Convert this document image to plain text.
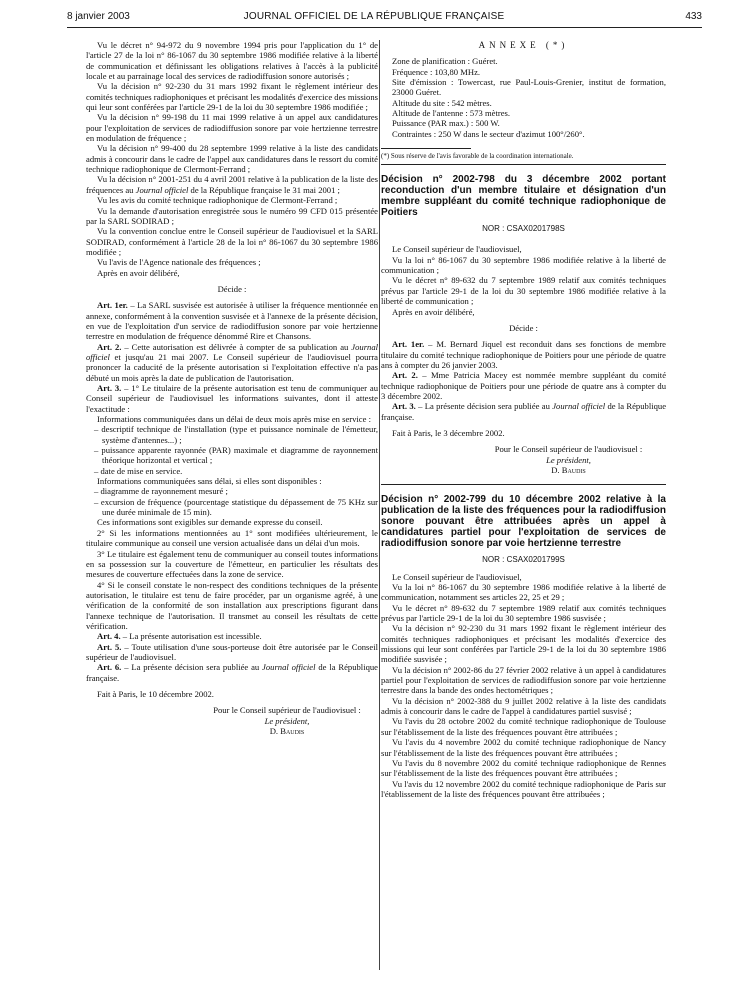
8 janvier 2003	JOURNAL OFFICIEL DE LA RÉPUBLIQUE FRANÇAISE	433

Vu le décret n° 94-972 du 9 novembre 1994 pris pour l'application du 1° de l'article 27 de la loi n° 86-1067 du 30 septembre 1986 modifiée relative à la liberté de communication et définissant les obligations relatives à l'accès à la publicité locale et au parrainage local des services de radiodiffusion sonore autorisés ;

Vu la décision n° 92-230 du 31 mars 1992 fixant le règlement intérieur des comités techniques radiophoniques et précisant les modalités d'exercice des missions qui leur sont conférées par l'article 29-1 de la loi du 30 septembre 1986 modifiée ;

Vu la décision n° 99-198 du 11 mai 1999 relative à un appel aux candidatures pour l'exploitation de services de radiodiffusion sonore par voie hertzienne terrestre en modulation de fréquence ;

Vu la décision n° 99-400 du 28 septembre 1999 relative à la liste des candidats admis à concourir dans le cadre de l'appel aux candidatures dans le ressort du comité technique radiophonique de Clermont-Ferrand ;

Vu la décision n° 2001-251 du 4 avril 2001 relative à la publication de la liste des fréquences au Journal officiel de la République française le 31 mai 2001 ;

Vu les avis du comité technique radiophonique de Clermont-Ferrand ;

Vu la demande d'autorisation enregistrée sous le numéro 99 CFD 015 présentée par la SARL SODIRAD ;

Vu la convention conclue entre le Conseil supérieur de l'audiovisuel et la SARL SODIRAD, conformément à l'article 28 de la loi n° 86-1067 du 30 septembre 1986 modifiée ;

Vu l'avis de l'Agence nationale des fréquences ;

Après en avoir délibéré,

Décide :

Art. 1er. – La SARL susvisée est autorisée à utiliser la fréquence mentionnée en annexe, conformément à la convention susvisée et à l'annexe de la présente décision, en vue de l'exploitation d'un service de radiodiffusion sonore par voie hertzienne terrestre en modulation de fréquence dénommé Rire et Chansons.

Art. 2. – Cette autorisation est délivrée à compter de sa publication au Journal officiel et jusqu'au 21 mai 2007. Le Conseil supérieur de l'audiovisuel pourra prononcer la caducité de la présente autorisation si l'exploitation effective n'a pas débuté un mois après la date de publication de l'autorisation.

Art. 3. – 1° Le titulaire de la présente autorisation est tenu de communiquer au Conseil supérieur de l'audiovisuel les informations suivantes, dont il atteste l'exactitude :

Informations communiquées dans un délai de deux mois après mise en service :

– descriptif technique de l'installation (type et puissance nominale de l'émetteur, système d'antennes...) ;
– puissance apparente rayonnée (PAR) maximale et diagramme de rayonnement théorique horizontal et vertical ;
– date de mise en service.

Informations communiquées sans délai, si elles sont disponibles :

– diagramme de rayonnement mesuré ;
– excursion de fréquence (pourcentage statistique du dépassement de 75 KHz sur une durée minimale de 15 min).

Ces informations sont exigibles sur demande expresse du conseil.

2° Si les informations mentionnées au 1° sont modifiées ultérieurement, le titulaire communique au conseil une version actualisée dans un délai d'un mois.

3° Le titulaire est également tenu de communiquer au conseil toutes informations en sa possession sur la couverture de l'émetteur, en particulier les résultats des mesures de couverture effectuées dans la zone de service.

4° Si le conseil constate le non-respect des conditions techniques de la présente autorisation, le titulaire est tenu de faire procéder, par un organisme agréé, à une vérification de la conformité de son installation aux prescriptions figurant dans l'annexe technique de l'autorisation. Il transmet au conseil les résultats de cette vérification.

Art. 4. – La présente autorisation est incessible.

Art. 5. – Toute utilisation d'une sous-porteuse doit être autorisée par le Conseil supérieur de l'audiovisuel.

Art. 6. – La présente décision sera publiée au Journal officiel de la République française.

Fait à Paris, le 10 décembre 2002.

Pour le Conseil supérieur de l'audiovisuel :

Le président,

D. Baudis

ANNEXE (*)

Zone de planification : Guéret.

Fréquence : 103,80 MHz.

Site d'émission : Towercast, rue Paul-Louis-Grenier, institut de formation, 23000 Guéret.

Altitude du site : 542 mètres.

Altitude de l'antenne : 573 mètres.

Puissance (PAR max.) : 500 W.

Contraintes : 250 W dans le secteur d'azimut 100°/260°.

(*) Sous réserve de l'avis favorable de la coordination internationale.

Décision n° 2002-798 du 3 décembre 2002 portant reconduction d'un membre titulaire et désignation d'un membre suppléant du comité technique radiophonique de Poitiers

NOR : CSAX0201798S

Le Conseil supérieur de l'audiovisuel,

Vu la loi n° 86-1067 du 30 septembre 1986 modifiée relative à la liberté de communication ;

Vu le décret n° 89-632 du 7 septembre 1989 relatif aux comités techniques prévus par l'article 29-1 de la loi du 30 septembre 1986 modifiée relative à la liberté de communication ;

Après en avoir délibéré,

Décide :

Art. 1er. – M. Bernard Jiquel est reconduit dans ses fonctions de membre titulaire du comité technique radiophonique de Poitiers pour une période de quatre ans à compter du 26 janvier 2003.

Art. 2. – Mme Patricia Macey est nommée membre suppléant du comité technique radiophonique de Poitiers pour une période de quatre ans à compter du 3 décembre 2002.

Art. 3. – La présente décision sera publiée au Journal officiel de la République française.

Fait à Paris, le 3 décembre 2002.

Pour le Conseil supérieur de l'audiovisuel :

Le président,

D. Baudis

Décision n° 2002-799 du 10 décembre 2002 relative à la publication de la liste des fréquences pour la radiodiffusion sonore pouvant être attribuées après un appel à candidatures partiel pour l'exploitation de services de radiodiffusion sonore par voie hertzienne terrestre

NOR : CSAX0201799S

Le Conseil supérieur de l'audiovisuel,

Vu la loi n° 86-1067 du 30 septembre 1986 modifiée relative à la liberté de communication, notamment ses articles 22, 25 et 29 ;

Vu le décret n° 89-632 du 7 septembre 1989 relatif aux comités techniques prévus par l'article 29-1 de la loi du 30 septembre 1986 susvisée ;

Vu la décision n° 92-230 du 31 mars 1992 fixant le règlement intérieur des comités techniques radiophoniques et précisant les modalités d'exercice des missions qui leur sont conférées par l'article 29-1 de la loi du 30 septembre 1986 modifiée susvisée ;

Vu la décision n° 2002-86 du 27 février 2002 relative à un appel à candidatures partiel pour l'exploitation de services de radiodiffusion sonore par voie hertzienne terrestre dans la bande des ondes hectométriques ;

Vu la décision n° 2002-388 du 9 juillet 2002 relative à la liste des candidats admis à concourir dans le cadre de l'appel à candidatures partiel susvisé ;

Vu l'avis du 28 octobre 2002 du comité technique radiophonique de Toulouse sur l'établissement de la liste des fréquences pouvant être attribuées ;

Vu l'avis du 4 novembre 2002 du comité technique radiophonique de Nancy sur l'établissement de la liste des fréquences pouvant être attribuées ;

Vu l'avis du 8 novembre 2002 du comité technique radiophonique de Rennes sur l'établissement de la liste des fréquences pouvant être attribuées ;

Vu l'avis du 12 novembre 2002 du comité technique radiophonique de Paris sur l'établissement de la liste des fréquences pouvant être attribuées ;
